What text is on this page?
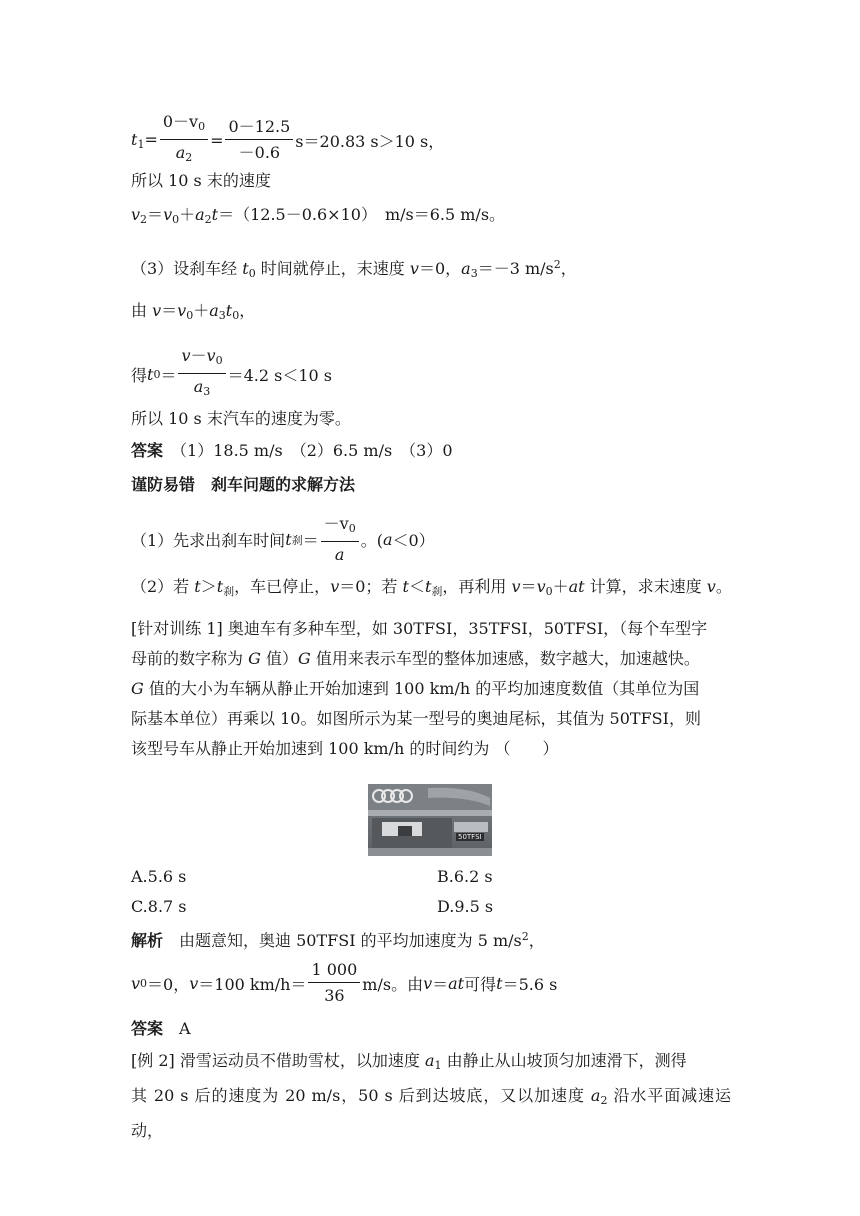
$t_1= \frac{0-v_0}{a_2} = \frac{0-12.5}{-0.6} s=20.83$ s＞10 s，
所以 10 s 末的速度
$v_2=v_0+a_2t=(12.5-0.6\times 10)$　m/s＝6.5 m/s。
（3）设刹车经 $t_0$ 时间就停止，末速度 v＝0，$a_3=-3$ $m/s^2$，
由 $v=v_0+a_3t_0$，
得 t $0 = \frac{v-v_0}{a_3} =4.2$ s＜10 s
所以 10 s 末汽车的速度为零。
答案　 （1）18.5 m/s　（2）6.5 m/s　（3）0
谨防易错　刹车问题的求解方法
（1）先求出刹车时间 t 刹 ＝ $\frac{-v_0}{a}$ 。( a ＜0）
（2）若 $t>t_刹$，车已停止，v＝0；若 $t<t_刹$，再利用 $v=v_0+at$ 计算，求末速度 v。
[针对训练 1] 奥迪车有多种车型，如 30TFSI，35TFSI，50TFSI，（每个车型字
母前的数字称为 G 值）G 值用来表示车型的整体加速感，数字越大，加速越快。
G 值的大小为车辆从静止开始加速到 100 km/h 的平均加速度数值（其单位为国
际基本单位）再乘以 10。如图所示为某一型号的奥迪尾标，其值为 50TFSI，则
该型号车从静止开始加速到 100 km/h 的时间约为 （　　）
50TFSI
A.5.6 s	B.6.2 s
C.8.7 s	D.9.5 s
解析　 由题意知，奥迪 50TFSI 的平均加速度为 5 $m/s^2$，
v 0 ＝0， v ＝100 $km/h= \frac{1 000}{36} m/s$。由 v ＝ at 可得 t ＝5.6 s
答案　 A
[例 2] 滑雪运动员不借助雪杖，以加速度 $a_1$ 由静止从山坡顶匀加速滑下，测得
其 20 s 后的速度为 20 m/s，50 s 后到达坡底，又以加速度 $a_2$ 沿水平面减速运动，
